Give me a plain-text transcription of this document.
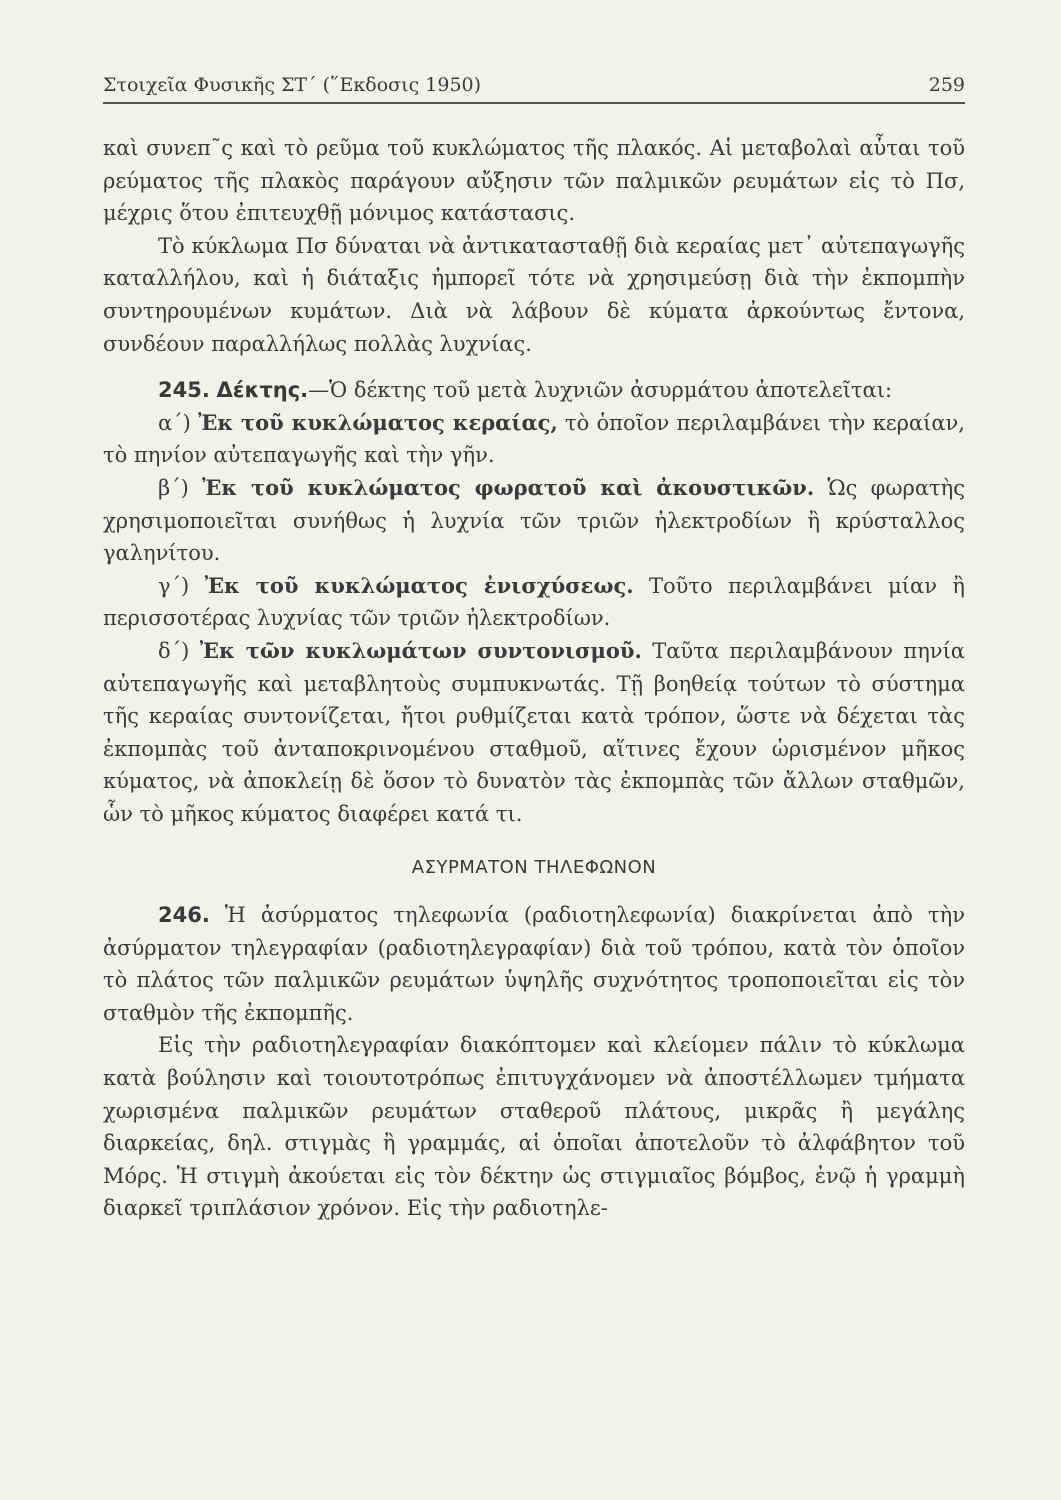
Στοιχεῖα Φυσικῆς ΣΤ΄ (῞Εκδοσις 1950)	259

καὶ συνεπ῀ς καὶ τὸ ρεῦμα τοῦ κυκλώματος τῆς πλακός. Αἱ μεταβολαὶ αὗται τοῦ ρεύματος τῆς πλακὸς παράγουν αὔξησιν τῶν παλμικῶν ρευμάτων εἰς τὸ Πσ, μέχρις ὅτου ἐπιτευχθῇ μόνιμος κατάστασις.

Τὸ κύκλωμα Πσ δύναται νὰ ἀντικατασταθῇ διὰ κεραίας μετ᾿ αὐτεπαγωγῆς καταλλήλου, καὶ ἡ διάταξις ἠμπορεῖ τότε νὰ χρησιμεύσῃ διὰ τὴν ἐκπομπὴν συντηρουμένων κυμάτων. Διὰ νὰ λάβουν δὲ κύματα ἀρκούντως ἔντονα, συνδέουν παραλλήλως πολλὰς λυχνίας.

245. Δέκτης.—Ὁ δέκτης τοῦ μετὰ λυχνιῶν ἀσυρμάτου ἀποτελεῖται:

α΄) Ἐκ τοῦ κυκλώματος κεραίας, τὸ ὁποῖον περιλαμβάνει τὴν κεραίαν, τὸ πηνίον αὐτεπαγωγῆς καὶ τὴν γῆν.

β΄) Ἐκ τοῦ κυκλώματος φωρατοῦ καὶ ἀκουστικῶν. Ὡς φωρατὴς χρησιμοποιεῖται συνήθως ἡ λυχνία τῶν τριῶν ἠλεκτροδίων ἢ κρύσταλλος γαληνίτου.

γ΄) Ἐκ τοῦ κυκλώματος ἐνισχύσεως. Τοῦτο περιλαμβάνει μίαν ἢ περισσοτέρας λυχνίας τῶν τριῶν ἠλεκτροδίων.

δ΄) Ἐκ τῶν κυκλωμάτων συντονισμοῦ. Ταῦτα περιλαμβάνουν πηνία αὐτεπαγωγῆς καὶ μεταβλητοὺς συμπυκνωτάς. Τῇ βοηθείᾳ τούτων τὸ σύστημα τῆς κεραίας συντονίζεται, ἤτοι ρυθμίζεται κατὰ τρόπον, ὥστε νὰ δέχεται τὰς ἐκπομπὰς τοῦ ἀνταποκρινομένου σταθμοῦ, αἵτινες ἔχουν ὡρισμένον μῆκος κύματος, νὰ ἀποκλείῃ δὲ ὅσον τὸ δυνατὸν τὰς ἐκπομπὰς τῶν ἄλλων σταθμῶν, ὧν τὸ μῆκος κύματος διαφέρει κατά τι.

ΑΣΥΡΜΑΤΟΝ ΤΗΛΕΦΩΝΟΝ

246. Ἡ ἀσύρματος τηλεφωνία (ραδιοτηλεφωνία) διακρίνεται ἀπὸ τὴν ἀσύρματον τηλεγραφίαν (ραδιοτηλεγραφίαν) διὰ τοῦ τρόπου, κατὰ τὸν ὁποῖον τὸ πλάτος τῶν παλμικῶν ρευμάτων ὑψηλῆς συχνότητος τροποποιεῖται εἰς τὸν σταθμὸν τῆς ἐκπομπῆς.

Εἰς τὴν ραδιοτηλεγραφίαν διακόπτομεν καὶ κλείομεν πάλιν τὸ κύκλωμα κατὰ βούλησιν καὶ τοιουτοτρόπως ἐπιτυγχάνομεν νὰ ἀποστέλλωμεν τμήματα χωρισμένα παλμικῶν ρευμάτων σταθεροῦ πλάτους, μικρᾶς ἢ μεγάλης διαρκείας, δηλ. στιγμὰς ἢ γραμμάς, αἱ ὁποῖαι ἀποτελοῦν τὸ ἀλφάβητον τοῦ Μόρς. Ἡ στιγμὴ ἀκούεται εἰς τὸν δέκτην ὡς στιγμιαῖος βόμβος, ἐνῷ ἡ γραμμὴ διαρκεῖ τριπλάσιον χρόνον. Εἰς τὴν ραδιοτηλε-
